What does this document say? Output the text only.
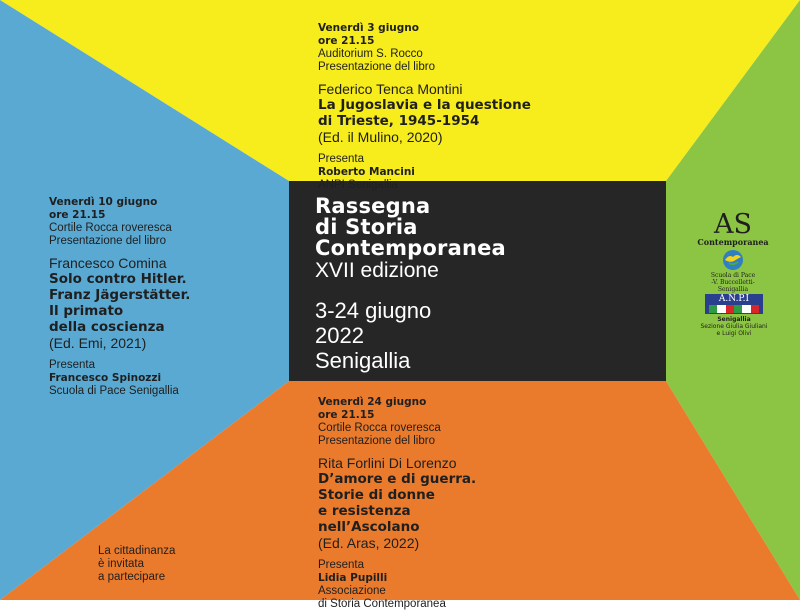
Venerdì 3 giugno
ore 21.15
Auditorium S. Rocco
Presentazione del libro
Federico Tenca Montini
La Jugoslavia e la questione
di Trieste, 1945-1954
(Ed. il Mulino, 2020)
Presenta
Roberto Mancini
ANPI Senigallia
Venerdì 10 giugno
ore 21.15
Cortile Rocca roveresca
Presentazione del libro
Francesco Comina
Solo contro Hitler.
Franz Jägerstätter.
Il primato
della coscienza
(Ed. Emi, 2021)
Presenta
Francesco Spinozzi
Scuola di Pace Senigallia
Rassegna
di Storia
Contemporanea
XVII edizione
3-24 giugno
2022
Senigallia
Venerdì 24 giugno
ore 21.15
Cortile Rocca roveresca
Presentazione del libro
Rita Forlini Di Lorenzo
D’amore e di guerra.
Storie di donne
e resistenza
nell’Ascolano
(Ed. Aras, 2022)
Presenta
Lidia Pupilli
Associazione
di Storia Contemporanea
La cittadinanza
è invitata
a partecipare
AS
Contemporanea
Scuola di Pace
-V. Buccelletti-
Senigallia
A.N.P.I
Senigallia
Sezione Giulia Giuliani
e Luigi Olivi
